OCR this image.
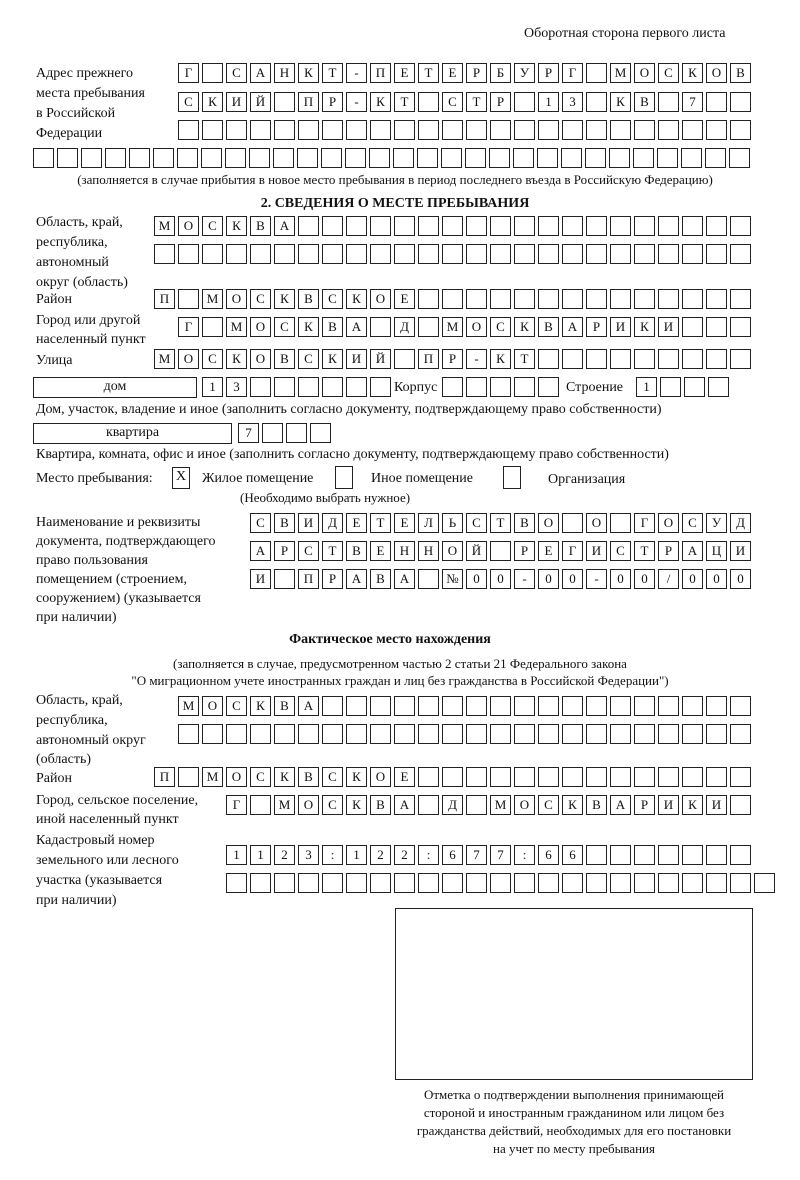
Оборотная сторона первого листа
Адрес прежнего
места пребывания
в Российской
Федерации
Г	С	А	Н	К	Т	-	П	Е	Т	Е	Р	Б	У	Р	Г	М	О	С	К	О	В
С	К	И	Й	П	Р	-	К	Т	С	Т	Р	1	3	К	В	7
(заполняется в случае прибытия в новое место пребывания в период последнего въезда в Российскую Федерацию)
2. СВЕДЕНИЯ О МЕСТЕ ПРЕБЫВАНИЯ
Область, край,
республика,
автономный
округ (область)
М	О	С	К	В	А
Район	П	М	О	С	К	В	С	К	О	Е
Город или другой
населенный пункт
Г	М	О	С	К	В	А	Д	М	О	С	К	В	А	Р	И	К	И
Улица	М	О	С	К	О	В	С	К	И	Й	П	Р	-	К	Т
дом	1	3	Корпус	Строение	1
Дом, участок, владение и иное (заполнить согласно документу, подтверждающему право собственности)
квартира	7
Квартира, комната, офис и иное (заполнить согласно документу, подтверждающему право собственности)
Место пребывания: X Жилое помещение	Иное помещение	Организация
(Необходимо выбрать нужное)
Наименование и реквизиты
документа, подтверждающего
право пользования
помещением (строением,
сооружением) (указывается
при наличии)
С	В	И	Д	Е	Т	Е	Л	Ь	С	Т	В	О	О	Г	О	С	У	Д
А	Р	С	Т	В	Е	Н	Н	О	Й	Р	Е	Г	И	С	Т	Р	А	Ц	И
И	П	Р	А	В	А	№	0	0	-	0	0	-	0	0	/	0	0	0
Фактическое место нахождения
(заполняется в случае, предусмотренном частью 2 статьи 21 Федерального закона
"О миграционном учете иностранных граждан и лиц без гражданства в Российской Федерации")
Область, край,
республика,
автономный округ
(область)
М	О	С	К	В	А
Район	П	М	О	С	К	В	С	К	О	Е
Город, сельское поселение,
иной населенный пункт
Г	М	О	С	К	В	А	Д	М	О	С	К	В	А	Р	И	К	И
Кадастровый номер
земельного или лесного
участка (указывается
при наличии)
1	1	2	3	:	1	2	2	:	6	7	7	:	6	6
Отметка о подтверждении выполнения принимающей
стороной и иностранным гражданином или лицом без
гражданства действий, необходимых для его постановки
на учет по месту пребывания
